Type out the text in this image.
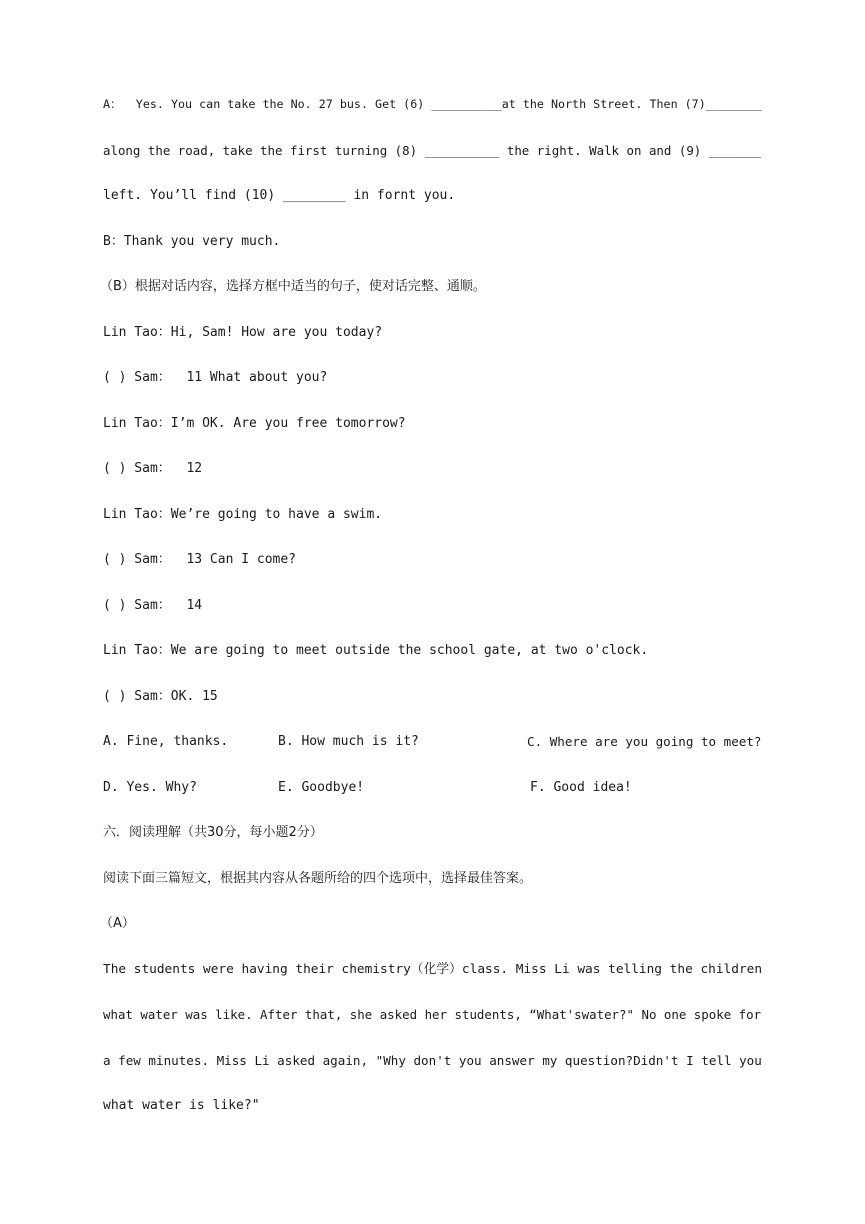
A：  Yes. You can take the No. 27 bus. Get (6) __________at the North Street. Then (7)________
along the road, take the first turning (8) __________ the right. Walk on and (9) _______
left. You’ll find (10) ________ in fornt you.
B：Thank you very much.
（B）根据对话内容，选择方框中适当的句子，使对话完整、通顺。
Lin Tao：Hi, Sam! How are you today?
( ) Sam：  11 What about you?
Lin Tao：I’m OK. Are you free tomorrow?
( ) Sam：  12
Lin Tao：We’re going to have a swim.
( ) Sam：  13 Can I come?
( ) Sam：  14
Lin Tao：We are going to meet outside the school gate, at two o'clock.
( ) Sam：OK. 15
A. Fine, thanks.	B. How much is it?	C. Where are you going to meet?
D. Yes. Why?	E. Goodbye!	F. Good idea!
六．阅读理解（共30分，每小题2分）
阅读下面三篇短文，根据其内容从各题所给的四个选项中，选择最佳答案。
（A）
The students were having their chemistry（化学）class. Miss Li was telling the children
what water was like. After that, she asked her students, “What'swater?" No one spoke for
a few minutes. Miss Li asked again, "Why don't you answer my question?Didn't I tell you
what water is like?"
